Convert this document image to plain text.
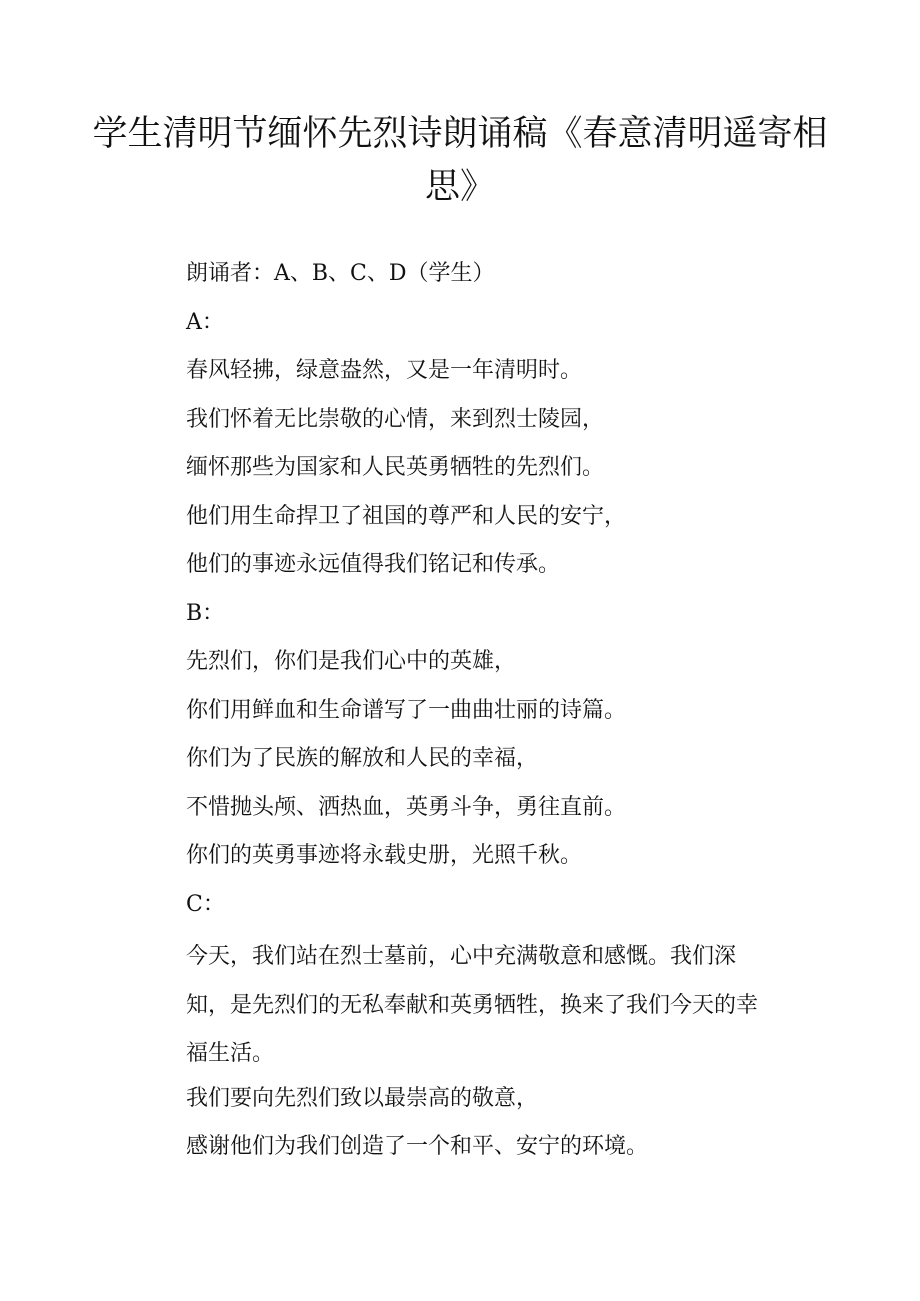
学生清明节缅怀先烈诗朗诵稿《春意清明遥寄相思》
朗诵者：A、B、C、D（学生）
A：
春风轻拂，绿意盎然，又是一年清明时。
我们怀着无比崇敬的心情，来到烈士陵园，
缅怀那些为国家和人民英勇牺牲的先烈们。
他们用生命捍卫了祖国的尊严和人民的安宁，
他们的事迹永远值得我们铭记和传承。
B：
先烈们，你们是我们心中的英雄，
你们用鲜血和生命谱写了一曲曲壮丽的诗篇。
你们为了民族的解放和人民的幸福，
不惜抛头颅、洒热血，英勇斗争，勇往直前。
你们的英勇事迹将永载史册，光照千秋。
C：
今天，我们站在烈士墓前，心中充满敬意和感慨。我们深知，是先烈们的无私奉献和英勇牺牲，换来了我们今天的幸福生活。
我们要向先烈们致以最崇高的敬意，
感谢他们为我们创造了一个和平、安宁的环境。
